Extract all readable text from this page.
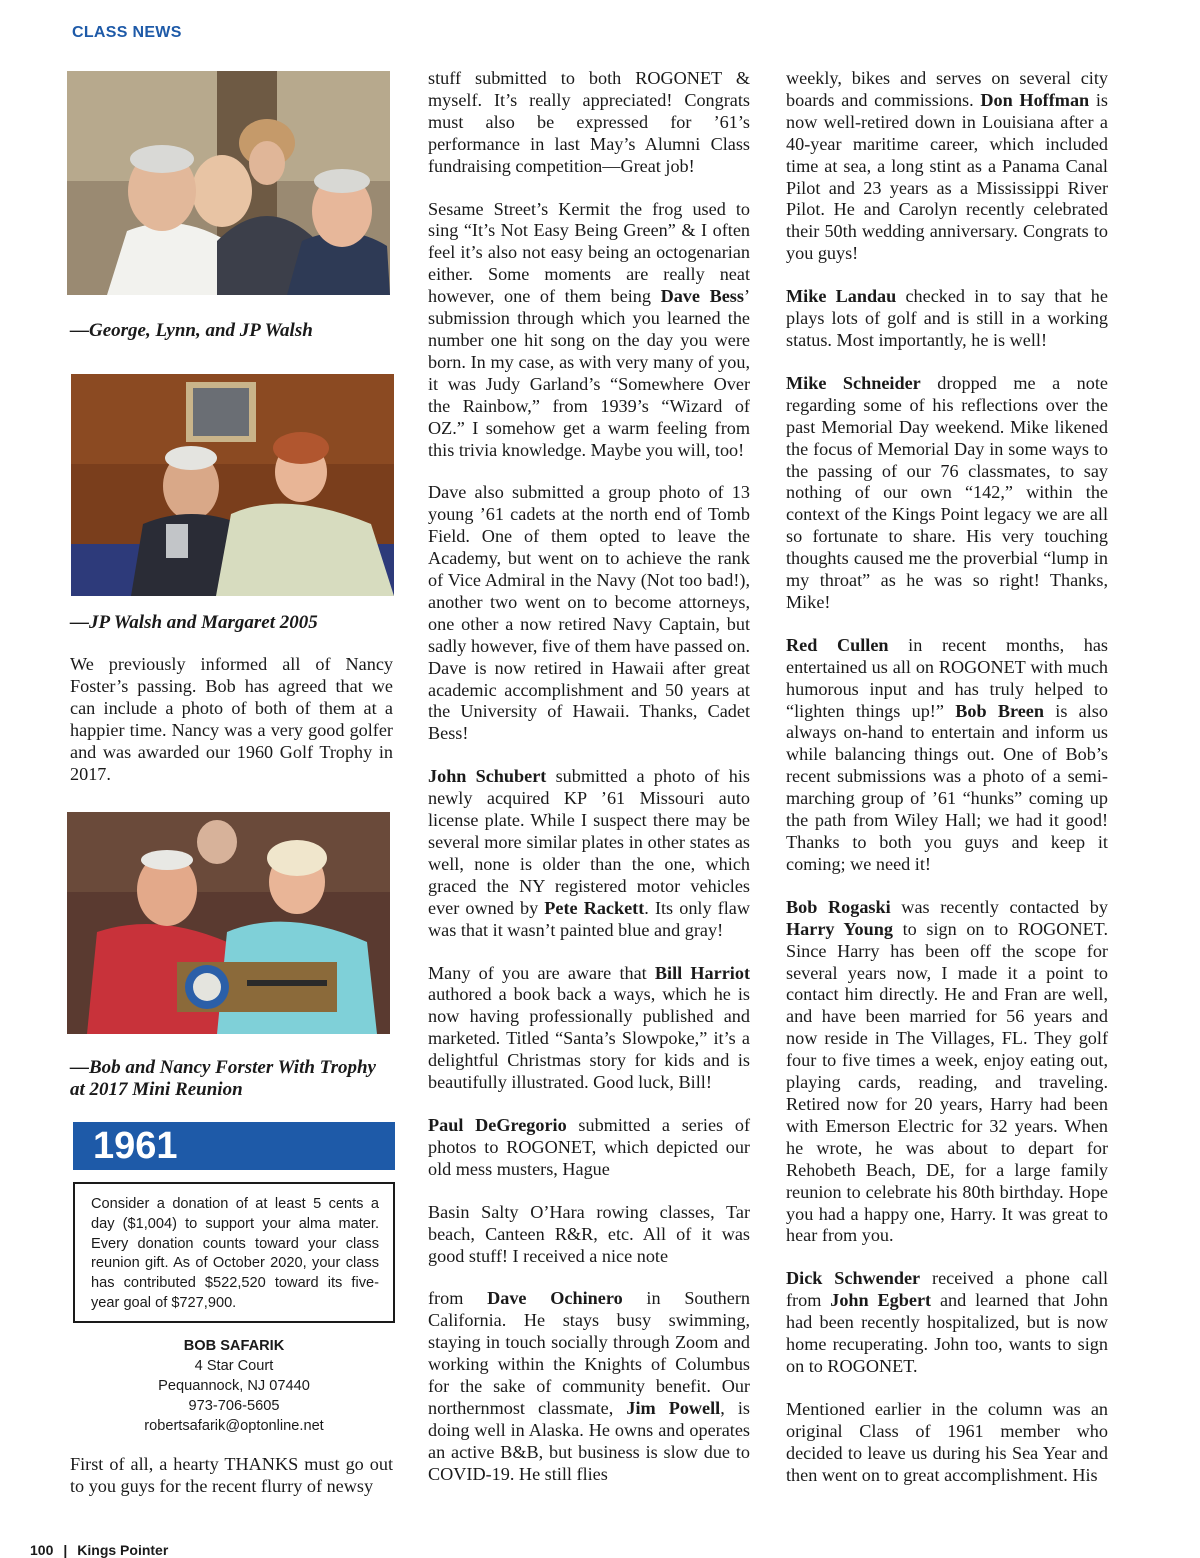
CLASS NEWS
—George, Lynn, and JP Walsh
—JP Walsh and Margaret 2005

We previously informed all of Nancy Foster’s passing. Bob has agreed that we can include a photo of both of them at a happier time. Nancy was a very good golfer and was awarded our 1960 Golf Trophy in 2017.

—Bob and Nancy Forster With Trophy at 2017 Mini Reunion
1961
Consider a donation of at least 5 cents a day ($1,004) to support your alma mater. Every donation counts toward your class reunion gift. As of October 2020, your class has contributed $522,520 toward its five-year goal of $727,900.
BOB SAFARIK
4 Star Court
Pequannock, NJ 07440
973-706-5605
robertsafarik@optonline.net

First of all, a hearty THANKS must go out to you guys for the recent flurry of newsy

stuff submitted to both ROGONET & myself. It’s really appreciated! Congrats must also be expressed for ’61’s performance in last May’s Alumni Class fundraising competition—Great job!

Sesame Street’s Kermit the frog used to sing “It’s Not Easy Being Green” & I often feel it’s also not easy being an octogenarian either. Some moments are really neat however, one of them being Dave Bess’ submission through which you learned the number one hit song on the day you were born. In my case, as with very many of you, it was Judy Garland’s “Somewhere Over the Rainbow,” from 1939’s “Wizard of OZ.” I somehow get a warm feeling from this trivia knowledge. Maybe you will, too!

Dave also submitted a group photo of 13 young ’61 cadets at the north end of Tomb Field. One of them opted to leave the Academy, but went on to achieve the rank of Vice Admiral in the Navy (Not too bad!), another two went on to become attorneys, one other a now retired Navy Captain, but sadly however, five of them have passed on. Dave is now retired in Hawaii after great academic accomplishment and 50 years at the University of Hawaii. Thanks, Cadet Bess!

John Schubert submitted a photo of his newly acquired KP ’61 Missouri auto license plate. While I suspect there may be several more similar plates in other states as well, none is older than the one, which graced the NY registered motor vehicles ever owned by Pete Rackett. Its only flaw was that it wasn’t painted blue and gray!

Many of you are aware that Bill Harriot authored a book back a ways, which he is now having professionally published and marketed. Titled “Santa’s Slowpoke,” it’s a delightful Christmas story for kids and is beautifully illustrated. Good luck, Bill!

Paul DeGregorio submitted a series of photos to ROGONET, which depicted our old mess musters, Hague

Basin Salty O’Hara rowing classes, Tar beach, Canteen R&R, etc. All of it was good stuff! I received a nice note

from Dave Ochinero in Southern California. He stays busy swimming, staying in touch socially through Zoom and working within the Knights of Columbus for the sake of community benefit. Our northernmost classmate, Jim Powell, is doing well in Alaska. He owns and operates an active B&B, but business is slow due to COVID-19. He still flies

weekly, bikes and serves on several city boards and commissions. Don Hoffman is now well-retired down in Louisiana after a 40-year maritime career, which included time at sea, a long stint as a Panama Canal Pilot and 23 years as a Mississippi River Pilot. He and Carolyn recently celebrated their 50th wedding anniversary. Congrats to you guys!

Mike Landau checked in to say that he plays lots of golf and is still in a working status. Most importantly, he is well!

Mike Schneider dropped me a note regarding some of his reflections over the past Memorial Day weekend. Mike likened the focus of Memorial Day in some ways to the passing of our 76 classmates, to say nothing of our own “142,” within the context of the Kings Point legacy we are all so fortunate to share. His very touching thoughts caused me the proverbial “lump in my throat” as he was so right! Thanks, Mike!

Red Cullen in recent months, has entertained us all on ROGONET with much humorous input and has truly helped to “lighten things up!” Bob Breen is also always on-hand to entertain and inform us while balancing things out. One of Bob’s recent submissions was a photo of a semi-marching group of ’61 “hunks” coming up the path from Wiley Hall; we had it good! Thanks to both you guys and keep it coming; we need it!

Bob Rogaski was recently contacted by Harry Young to sign on to ROGONET. Since Harry has been off the scope for several years now, I made it a point to contact him directly. He and Fran are well, and have been married for 56 years and now reside in The Villages, FL. They golf four to five times a week, enjoy eating out, playing cards, reading, and traveling. Retired now for 20 years, Harry had been with Emerson Electric for 32 years. When he wrote, he was about to depart for Rehobeth Beach, DE, for a large family reunion to celebrate his 80th birthday. Hope you had a happy one, Harry. It was great to hear from you.

Dick Schwender received a phone call from John Egbert and learned that John had been recently hospitalized, but is now home recuperating. John too, wants to sign on to ROGONET.

Mentioned earlier in the column was an original Class of 1961 member who decided to leave us during his Sea Year and then went on to great accomplishment. His

100 | Kings Pointer
